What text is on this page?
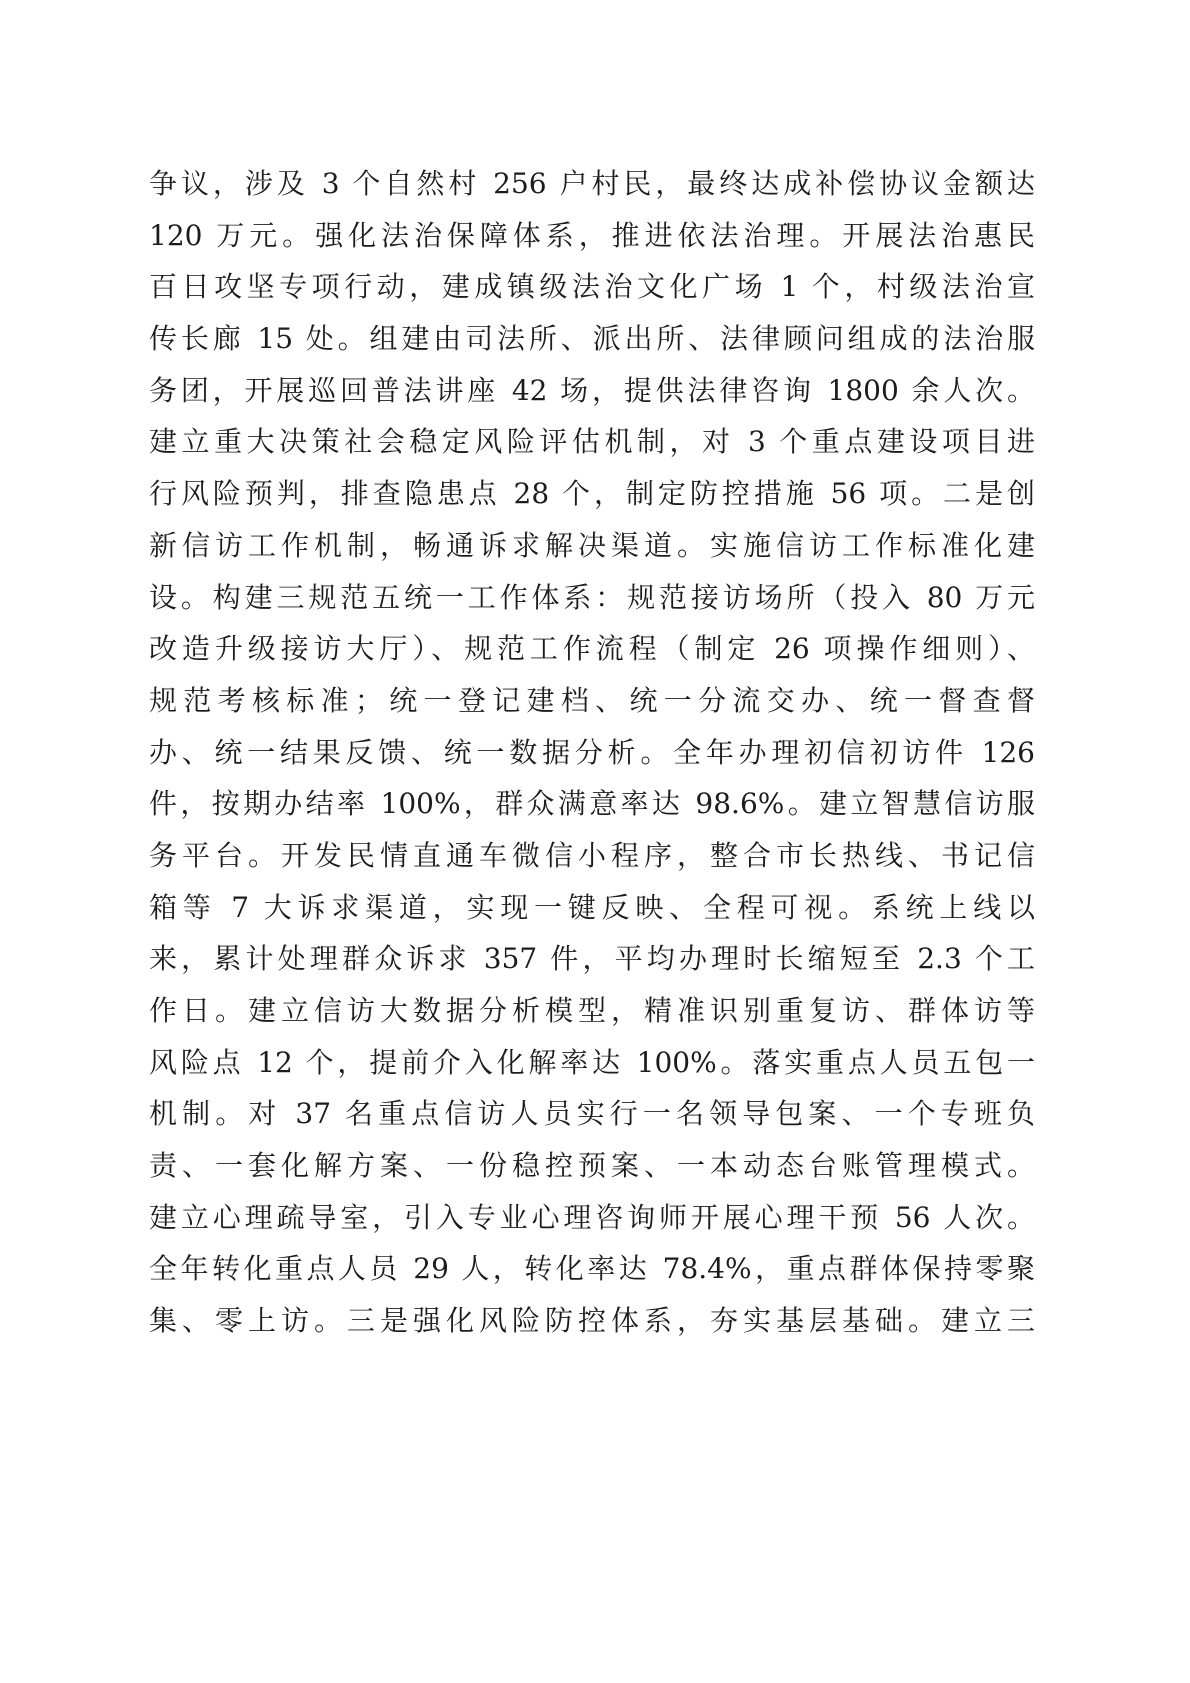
争议，涉及 3 个自然村 256 户村民，最终达成补偿协议金额达
120 万元。强化法治保障体系，推进依法治理。开展法治惠民
百日攻坚专项行动，建成镇级法治文化广场 1 个，村级法治宣
传长廊 15 处。组建由司法所、派出所、法律顾问组成的法治服
务团，开展巡回普法讲座 42 场，提供法律咨询 1800 余人次。
建立重大决策社会稳定风险评估机制，对 3 个重点建设项目进
行风险预判，排查隐患点 28 个，制定防控措施 56 项。二是创
新信访工作机制，畅通诉求解决渠道。实施信访工作标准化建
设。构建三规范五统一工作体系：规范接访场所（投入 80 万元
改造升级接访大厅）、规范工作流程（制定 26 项操作细则）、
规范考核标准；统一登记建档、统一分流交办、统一督查督
办、统一结果反馈、统一数据分析。全年办理初信初访件 126
件，按期办结率 100%，群众满意率达 98.6%。建立智慧信访服
务平台。开发民情直通车微信小程序，整合市长热线、书记信
箱等 7 大诉求渠道，实现一键反映、全程可视。系统上线以
来，累计处理群众诉求 357 件，平均办理时长缩短至 2.3 个工
作日。建立信访大数据分析模型，精准识别重复访、群体访等
风险点 12 个，提前介入化解率达 100%。落实重点人员五包一
机制。对 37 名重点信访人员实行一名领导包案、一个专班负
责、一套化解方案、一份稳控预案、一本动态台账管理模式。
建立心理疏导室，引入专业心理咨询师开展心理干预 56 人次。
全年转化重点人员 29 人，转化率达 78.4%，重点群体保持零聚
集、零上访。三是强化风险防控体系，夯实基层基础。建立三
